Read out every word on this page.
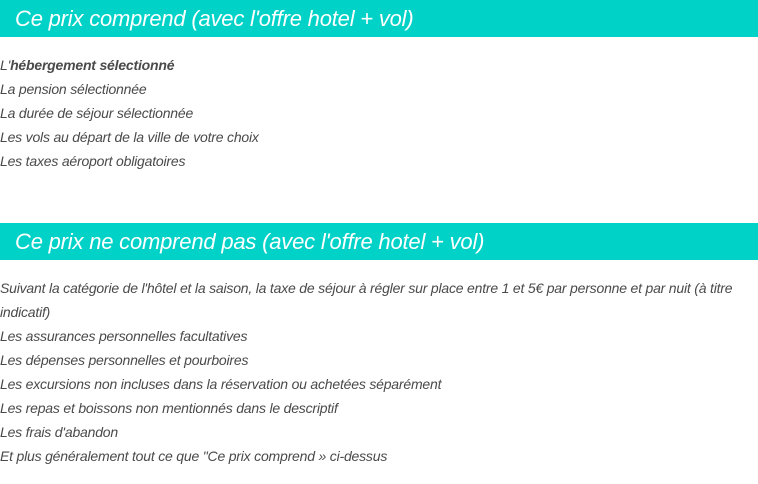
Ce prix comprend (avec l'offre hotel + vol)
L'hébergement sélectionné
La pension sélectionnée
La durée de séjour sélectionnée
Les vols au départ de la ville de votre choix
Les taxes aéroport obligatoires
Ce prix ne comprend pas (avec l'offre hotel + vol)
Suivant la catégorie de l'hôtel et la saison, la taxe de séjour à régler sur place entre 1 et 5€ par personne et par nuit (à titre indicatif)
Les assurances personnelles facultatives
Les dépenses personnelles et pourboires
Les excursions non incluses dans la réservation ou achetées séparément
Les repas et boissons non mentionnés dans le descriptif
Les frais d'abandon
Et plus généralement tout ce que "Ce prix comprend » ci-dessus
